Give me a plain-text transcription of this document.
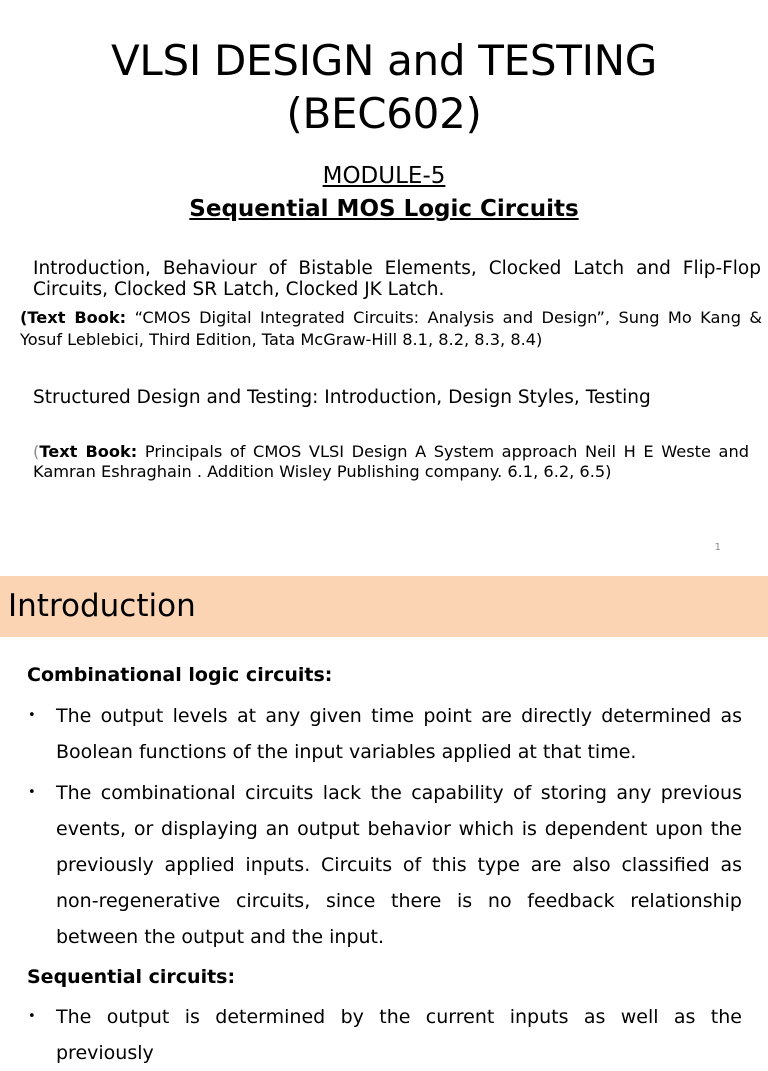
VLSI DESIGN and TESTING
(BEC602)
MODULE-5
Sequential MOS Logic Circuits
Introduction, Behaviour of Bistable Elements, Clocked Latch and Flip-Flop Circuits, Clocked SR Latch, Clocked JK Latch.
(Text Book: “CMOS Digital Integrated Circuits: Analysis and Design”, Sung Mo Kang & Yosuf Leblebici, Third Edition, Tata McGraw-Hill 8.1, 8.2, 8.3, 8.4)
Structured Design and Testing: Introduction, Design Styles, Testing
(Text Book: Principals of CMOS VLSI Design A System approach Neil H E Weste and Kamran Eshraghain . Addition Wisley Publishing company. 6.1, 6.2, 6.5)
1
Introduction
Combinational logic circuits:
• The output levels at any given time point are directly determined as Boolean functions of the input variables applied at that time.
• The combinational circuits lack the capability of storing any previous events, or displaying an output behavior which is dependent upon the previously applied inputs. Circuits of this type are also classified as non-regenerative circuits, since there is no feedback relationship between the output and the input.
Sequential circuits:
• The output is determined by the current inputs as well as the previously
